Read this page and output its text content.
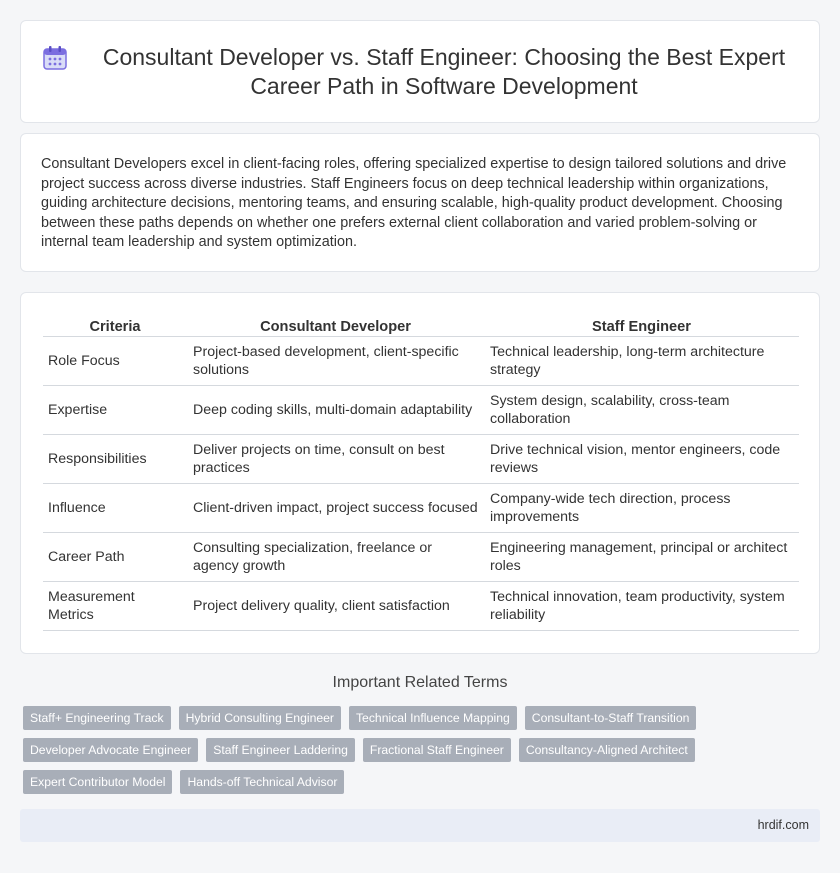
Consultant Developer vs. Staff Engineer: Choosing the Best Expert Career Path in Software Development

Consultant Developers excel in client-facing roles, offering specialized expertise to design tailored solutions and drive project success across diverse industries. Staff Engineers focus on deep technical leadership within organizations, guiding architecture decisions, mentoring teams, and ensuring scalable, high-quality product development. Choosing between these paths depends on whether one prefers external client collaboration and varied problem-solving or internal team leadership and system optimization.

Criteria	Consultant Developer	Staff Engineer
Role Focus	Project-based development, client-specific solutions	Technical leadership, long-term architecture strategy
Expertise	Deep coding skills, multi-domain adaptability	System design, scalability, cross-team collaboration
Responsibilities	Deliver projects on time, consult on best practices	Drive technical vision, mentor engineers, code reviews
Influence	Client-driven impact, project success focused	Company-wide tech direction, process improvements
Career Path	Consulting specialization, freelance or agency growth	Engineering management, principal or architect roles
Measurement Metrics	Project delivery quality, client satisfaction	Technical innovation, team productivity, system reliability
Important Related Terms
Staff+ Engineering Track	Hybrid Consulting Engineer	Technical Influence Mapping	Consultant-to-Staff Transition
Developer Advocate Engineer	Staff Engineer Laddering	Fractional Staff Engineer	Consultancy-Aligned Architect
Expert Contributor Model	Hands-off Technical Advisor
hrdif.com
